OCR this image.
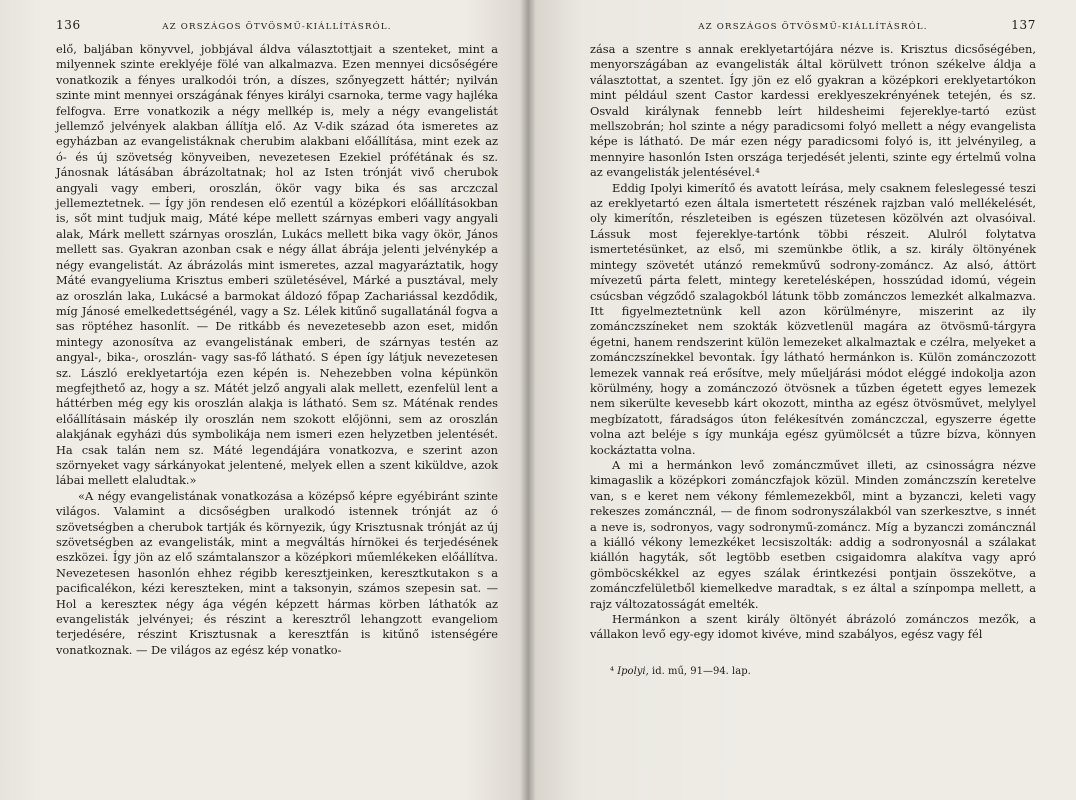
136	AZ ORSZÁGOS ÖTVÖSMŰ-KIÁLLÍTÁSRÓL.

elő, baljában könyvvel, jobbjával áldva választottjait a szenteket, mint a milyennek szinte ereklyéje fölé van alkalmazva. Ezen mennyei dicsőségére vonatkozik a fényes uralkodói trón, a díszes, szőnyegzett háttér; nyilván szinte mint mennyei országának fényes királyi csarnoka, terme vagy hajléka felfogva. Erre vonatkozik a négy mellkép is, mely a négy evangelistát jellemző jelvények alakban állítja elő. Az V-dik század óta ismeretes az egyházban az evangelistáknak cherubim alakbani előállítása, mint ezek az ó- és új szövetség könyveiben, nevezetesen Ezekiel prófétának és sz. Jánosnak látásában ábrázoltatnak; hol az Isten trónját vivő cherubok angyali vagy emberi, oroszlán, ökör vagy bika és sas arczczal jellemeztetnek. — Így jön rendesen elő ezentúl a középkori előállításokban is, sőt mint tudjuk maig, Máté képe mellett szárnyas emberi vagy angyali alak, Márk mellett szárnyas oroszlán, Lukács mellett bika vagy ökör, János mellett sas. Gyakran azonban csak e négy állat ábrája jelenti jelvénykép a négy evangelistát. Az ábrázolás mint ismeretes, azzal magyaráztatik, hogy Máté evangyeliuma Krisztus emberi születésével, Márké a pusztával, mely az oroszlán laka, Lukácsé a barmokat áldozó főpap Zachariással kezdődik, míg Jánosé emelkedettségénél, vagy a Sz. Lélek kitűnő sugallatánál fogva a sas röptéhez hasonlít. — De ritkább és nevezetesebb azon eset, midőn mintegy azonosítva az evangelistának emberi, de szárnyas testén az angyal-, bika-, oroszlán- vagy sas-fő látható. S épen így látjuk nevezetesen sz. László ereklyetartója ezen képén is. Nehezebben volna képünkön megfejthető az, hogy a sz. Mátét jelző angyali alak mellett, ezenfelül lent a háttérben még egy kis oroszlán alakja is látható. Sem sz. Máténak rendes előállításain máskép ily oroszlán nem szokott előjönni, sem az oroszlán alakjának egyházi dús symbolikája nem ismeri ezen helyzetben jelentését. Ha csak talán nem sz. Máté legendájára vonatkozva, e szerint azon szörnyeket vagy sárkányokat jelentené, melyek ellen a szent kiküldve, azok lábai mellett elaludtak.»

«A négy evangelistának vonatkozása a középső képre egyébiránt szinte világos. Valamint a dicsőségben uralkodó istennek trónját az ó szövetségben a cherubok tartják és környezik, úgy Krisztusnak trónját az új szövetségben az evangelisták, mint a megváltás hírnökei és terjedésének eszközei. Így jön az elő számtalanszor a középkori műemlékeken előállítva. Nevezetesen hasonlón ehhez régibb keresztjeinken, keresztkutakon s a pacificalékon, kézi kereszteken, mint a taksonyin, számos szepesin sat. — Hol a kereszteк négy ága végén képzett hármas körben láthatók az evangelisták jelvényei; és részint a keresztről lehangzott evangeliom terjedésére, részint Krisztusnak a keresztfán is kitűnő istenségére vonatkoznak. — De világos az egész kép vonatko-

AZ ORSZÁGOS ÖTVÖSMŰ-KIÁLLÍTÁSRÓL.	137

zása a szentre s annak ereklyetartójára nézve is. Krisztus dicsőségében, menyországában az evangelisták által körülvett trónon székelve áldja a választottat, a szentet. Így jön ez elő gyakran a középkori ereklyetartókon mint például szent Castor kardessi ereklyeszekrényének tetején, és sz. Osvald királynak fennebb leírt hildesheimi fejereklye-tartó ezüst mellszobrán; hol szinte a négy paradicsomi folyó mellett a négy evangelista képe is látható. De már ezen négy paradicsomi folyó is, itt jelvényileg, a mennyire hasonlón Isten országa terjedését jelenti, szinte egy értelmű volna az evangelisták jelentésével.⁴

Eddig Ipolyi kimerítő és avatott leírása, mely csaknem feleslegessé teszi az ereklyetartó ezen általa ismertetett részének rajzban való mellékelését, oly kimerítőn, részleteiben is egészen tüzetesen közölvén azt olvasóival. Lássuk most fejereklye-tartónk többi részeit. Alulról folytatva ismertetésünket, az első, mi szemünkbe ötlik, a sz. király öltönyének mintegy szövetét utánzó remekművű sodrony-zománcz. Az alsó, áttört mívezetű párta felett, mintegy keretelésképen, hosszúdad idomú, végein csúcsban végződő szalagokból látunk több zománczos lemezkét alkalmazva. Itt figyelmeztetnünk kell azon körülményre, miszerint az ily zománczszíneket nem szokták közvetlenül magára az ötvösmű-tárgyra égetni, hanem rendszerint külön lemezeket alkalmaztak e czélra, melyeket a zománczszínekkel bevontak. Így látható hermánkon is. Külön zománczozott lemezek vannak reá erősítve, mely műeljárási módot eléggé indokolja azon körülmény, hogy a zománczozó ötvösnek a tűzben égetett egyes lemezek nem sikerülte kevesebb kárt okozott, mintha az egész ötvösművet, melylyel megbízatott, fáradságos úton felékesítvén zománczczal, egyszerre égette volna azt beléje s így munkája egész gyümölcsét a tűzre bízva, könnyen kockáztatta volna.

A mi a hermánkon levő zománczművet illeti, az csinosságra nézve kimagaslik a középkori zománczfajok közül. Minden zománczszín keretelve van, s e keret nem vékony fémlemezekből, mint a byzanczi, keleti vagy rekeszes zománcznál, — de finom sodronyszálakból van szerkesztve, s innét a neve is, sodronyos, vagy sodronymű-zománcz. Míg a byzanczi zománcznál a kiálló vékony lemezkéket lecsiszolták: addig a sodronyosnál a szálakat kiállón hagyták, sőt legtöbb esetben csigaidomra alakítva vagy apró gömböcskékkel az egyes szálak érintkezési pontjain összekötve, a zománczfelületből kiemelkedve maradtak, s ez által a színpompa mellett, a rajz változatosságát emelték.

Hermánkon a szent király öltönyét ábrázoló zománczos mezők, a vállakon levő egy-egy idomot kivéve, mind szabályos, egész vagy fél

⁴ Ipolyi, id. mű, 91—94. lap.
